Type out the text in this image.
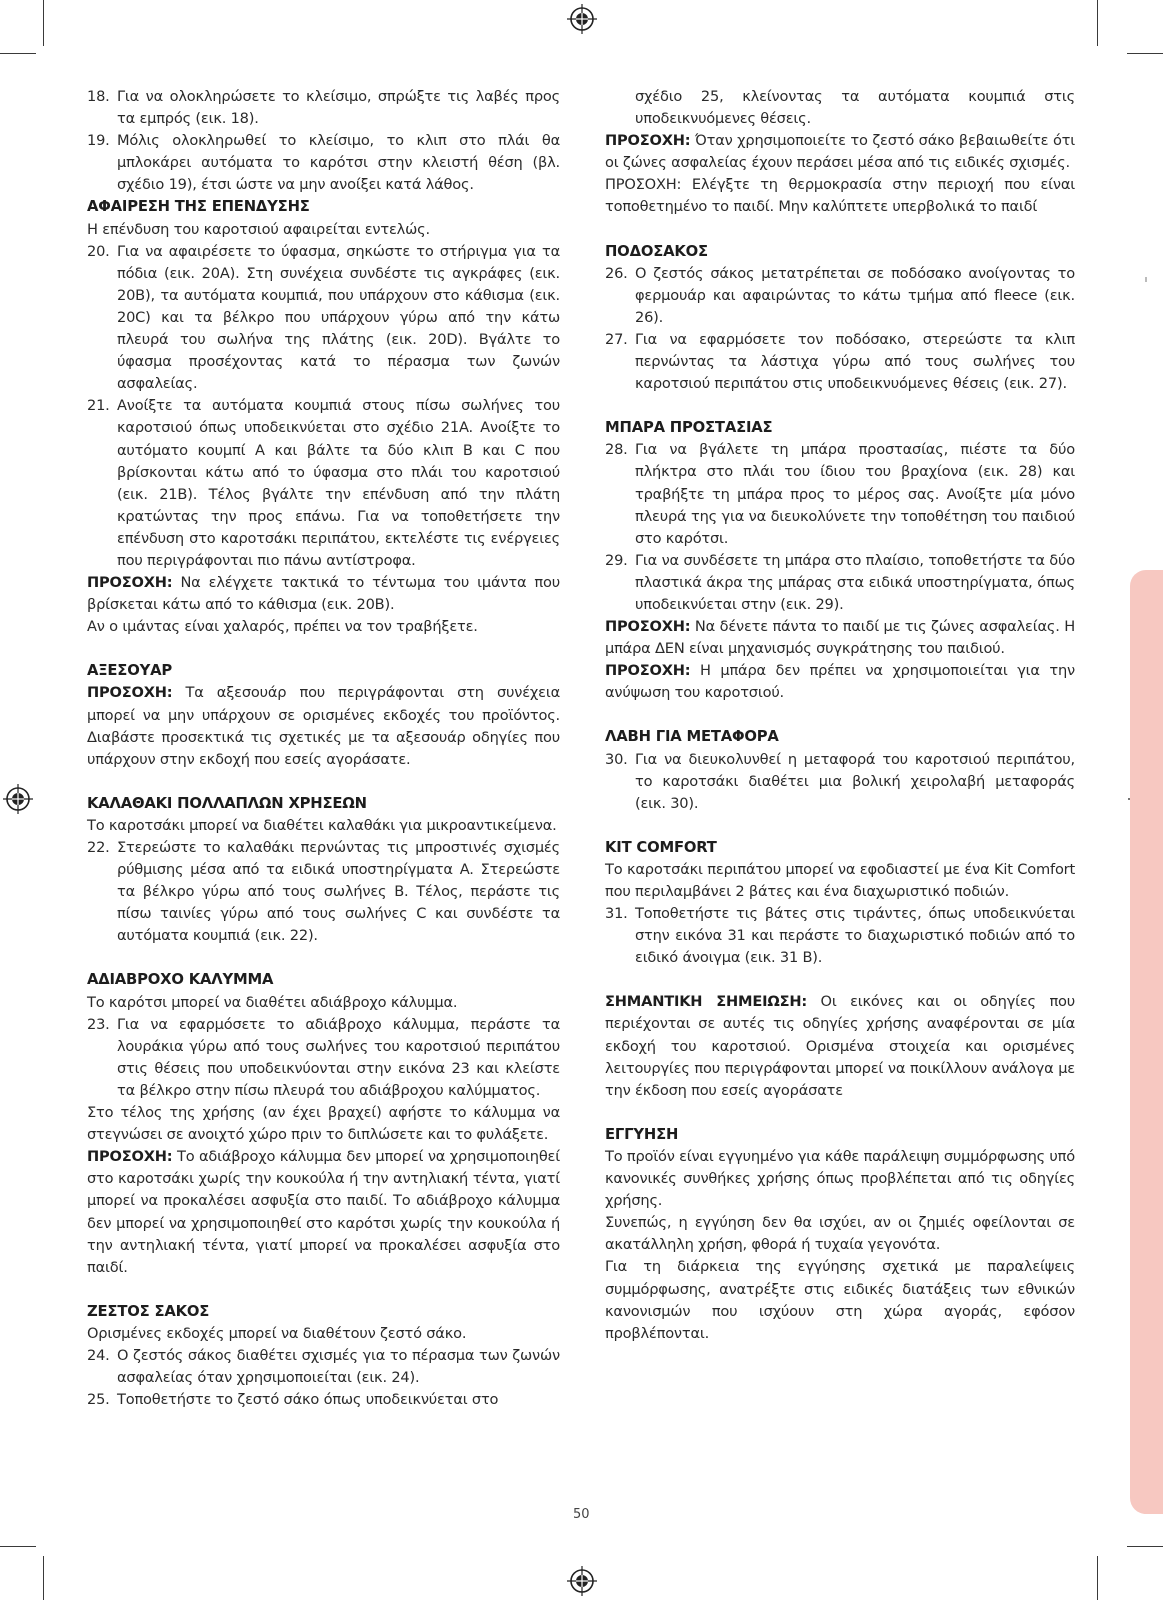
18. Για να ολοκληρώσετε το κλείσιμο, σπρώξτε τις λαβές προς τα εμπρός (εικ. 18).

19. Μόλις ολοκληρωθεί το κλείσιμο, το κλιπ στο πλάι θα μπλοκάρει αυτόματα το καρότσι στην κλειστή θέση (βλ. σχέδιο 19), έτσι ώστε να μην ανοίξει κατά λάθος.

ΑΦΑΙΡΕΣΗ ΤΗΣ ΕΠΕΝΔΥΣΗΣ

Η επένδυση του καροτσιού αφαιρείται εντελώς.

20. Για να αφαιρέσετε το ύφασμα, σηκώστε το στήριγμα για τα πόδια (εικ. 20A). Στη συνέχεια συνδέστε τις αγκράφες (εικ. 20B), τα αυτόματα κουμπιά, που υπάρχουν στο κάθισμα (εικ. 20C) και τα βέλκρο που υπάρχουν γύρω από την κάτω πλευρά του σωλήνα της πλάτης (εικ. 20D). Βγάλτε το ύφασμα προσέχοντας κατά το πέρασμα των ζωνών ασφαλείας.

21. Ανοίξτε τα αυτόματα κουμπιά στους πίσω σωλήνες του καροτσιού όπως υποδεικνύεται στο σχέδιο 21A. Ανοίξτε το αυτόματο κουμπί A και βάλτε τα δύο κλιπ B και C που βρίσκονται κάτω από το ύφασμα στο πλάι του καροτσιού (εικ. 21B). Τέλος βγάλτε την επένδυση από την πλάτη κρατώντας την προς επάνω. Για να τοποθετήσετε την επένδυση στο καροτσάκι περιπάτου, εκτελέστε τις ενέργειες που περιγράφονται πιο πάνω αντίστροφα.

ΠΡΟΣΟΧΗ: Να ελέγχετε τακτικά το τέντωμα του ιμάντα που βρίσκεται κάτω από το κάθισμα (εικ. 20B).

Αν ο ιμάντας είναι χαλαρός, πρέπει να τον τραβήξετε.

ΑΞΕΣΟΥΑΡ

ΠΡΟΣΟΧΗ: Τα αξεσουάρ που περιγράφονται στη συνέχεια μπορεί να μην υπάρχουν σε ορισμένες εκδοχές του προϊόντος. Διαβάστε προσεκτικά τις σχετικές με τα αξεσουάρ οδηγίες που υπάρχουν στην εκδοχή που εσείς αγοράσατε.

ΚΑΛΑΘΑΚΙ ΠΟΛΛΑΠΛΩΝ ΧΡΗΣΕΩΝ

Το καροτσάκι μπορεί να διαθέτει καλαθάκι για μικροαντικείμενα.

22. Στερεώστε το καλαθάκι περνώντας τις μπροστινές σχισμές ρύθμισης μέσα από τα ειδικά υποστηρίγματα A. Στερεώστε τα βέλκρο γύρω από τους σωλήνες B. Τέλος, περάστε τις πίσω ταινίες γύρω από τους σωλήνες C και συνδέστε τα αυτόματα κουμπιά (εικ. 22).

ΑΔΙΑΒΡΟΧΟ ΚΑΛΥΜΜΑ

Το καρότσι μπορεί να διαθέτει αδιάβροχο κάλυμμα.

23. Για να εφαρμόσετε το αδιάβροχο κάλυμμα, περάστε τα λουράκια γύρω από τους σωλήνες του καροτσιού περιπάτου στις θέσεις που υποδεικνύονται στην εικόνα 23 και κλείστε τα βέλκρο στην πίσω πλευρά του αδιάβροχου καλύμματος.

Στο τέλος της χρήσης (αν έχει βραχεί) αφήστε το κάλυμμα να στεγνώσει σε ανοιχτό χώρο πριν το διπλώσετε και το φυλάξετε.

ΠΡΟΣΟΧΗ: Το αδιάβροχο κάλυμμα δεν μπορεί να χρησιμοποιηθεί στο καροτσάκι χωρίς την κουκούλα ή την αντηλιακή τέντα, γιατί μπορεί να προκαλέσει ασφυξία στο παιδί. Το αδιάβροχο κάλυμμα δεν μπορεί να χρησιμοποιηθεί στο καρότσι χωρίς την κουκούλα ή την αντηλιακή τέντα, γιατί μπορεί να προκαλέσει ασφυξία στο παιδί.

ΖΕΣΤΟΣ ΣΑΚΟΣ

Ορισμένες εκδοχές μπορεί να διαθέτουν ζεστό σάκο.

24. Ο ζεστός σάκος διαθέτει σχισμές για το πέρασμα των ζωνών ασφαλείας όταν χρησιμοποιείται (εικ. 24).

25. Τοποθετήστε το ζεστό σάκο όπως υποδεικνύεται στο

σχέδιο 25, κλείνοντας τα αυτόματα κουμπιά στις υποδεικνυόμενες θέσεις.

ΠΡΟΣΟΧΗ: Όταν χρησιμοποιείτε το ζεστό σάκο βεβαιωθείτε ότι οι ζώνες ασφαλείας έχουν περάσει μέσα από τις ειδικές σχισμές.

ΠΡΟΣΟΧΗ: Ελέγξτε τη θερμοκρασία στην περιοχή που είναι τοποθετημένο το παιδί. Μην καλύπτετε υπερβολικά το παιδί

ΠΟΔΟΣΑΚΟΣ
26. Ο ζεστός σάκος μετατρέπεται σε ποδόσακο ανοίγοντας το φερμουάρ και αφαιρώντας το κάτω τμήμα από fleece (εικ. 26).

27. Για να εφαρμόσετε τον ποδόσακο, στερεώστε τα κλιπ περνώντας τα λάστιχα γύρω από τους σωλήνες του καροτσιού περιπάτου στις υποδεικνυόμενες θέσεις (εικ. 27).

ΜΠΑΡΑ ΠΡΟΣΤΑΣΙΑΣ
28. Για να βγάλετε τη μπάρα προστασίας, πιέστε τα δύο πλήκτρα στο πλάι του ίδιου του βραχίονα (εικ. 28) και τραβήξτε τη μπάρα προς το μέρος σας. Ανοίξτε μία μόνο πλευρά της για να διευκολύνετε την τοποθέτηση του παιδιού στο καρότσι.

29. Για να συνδέσετε τη μπάρα στο πλαίσιο, τοποθετήστε τα δύο πλαστικά άκρα της μπάρας στα ειδικά υποστηρίγματα, όπως υποδεικνύεται στην (εικ. 29).

ΠΡΟΣΟΧΗ: Να δένετε πάντα το παιδί με τις ζώνες ασφαλείας. Η μπάρα ΔΕΝ είναι μηχανισμός συγκράτησης του παιδιού.

ΠΡΟΣΟΧΗ: Η μπάρα δεν πρέπει να χρησιμοποιείται για την ανύψωση του καροτσιού.

ΛΑΒΗ ΓΙΑ ΜΕΤΑΦΟΡΑ
30. Για να διευκολυνθεί η μεταφορά του καροτσιού περιπάτου, το καροτσάκι διαθέτει μια βολική χειρολαβή μεταφοράς (εικ. 30).

KIT COMFORT

Το καροτσάκι περιπάτου μπορεί να εφοδιαστεί με ένα Kit Comfort που περιλαμβάνει 2 βάτες και ένα διαχωριστικό ποδιών.

31. Τοποθετήστε τις βάτες στις τιράντες, όπως υποδεικνύεται στην εικόνα 31 και περάστε το διαχωριστικό ποδιών από το ειδικό άνοιγμα (εικ. 31 B).

ΣΗΜΑΝΤΙΚΗ ΣΗΜΕΙΩΣΗ: Οι εικόνες και οι οδηγίες που περιέχονται σε αυτές τις οδηγίες χρήσης αναφέρονται σε μία εκδοχή του καροτσιού. Ορισμένα στοιχεία και ορισμένες λειτουργίες που περιγράφονται μπορεί να ποικίλλουν ανάλογα με την έκδοση που εσείς αγοράσατε

ΕΓΓΥΗΣΗ

Το προϊόν είναι εγγυημένο για κάθε παράλειψη συμμόρφωσης υπό κανονικές συνθήκες χρήσης όπως προβλέπεται από τις οδηγίες χρήσης.

Συνεπώς, η εγγύηση δεν θα ισχύει, αν οι ζημιές οφείλονται σε ακατάλληλη χρήση, φθορά ή τυχαία γεγονότα.

Για τη διάρκεια της εγγύησης σχετικά με παραλείψεις συμμόρφωσης, ανατρέξτε στις ειδικές διατάξεις των εθνικών κανονισμών που ισχύουν στη χώρα αγοράς, εφόσον προβλέπονται.

50
